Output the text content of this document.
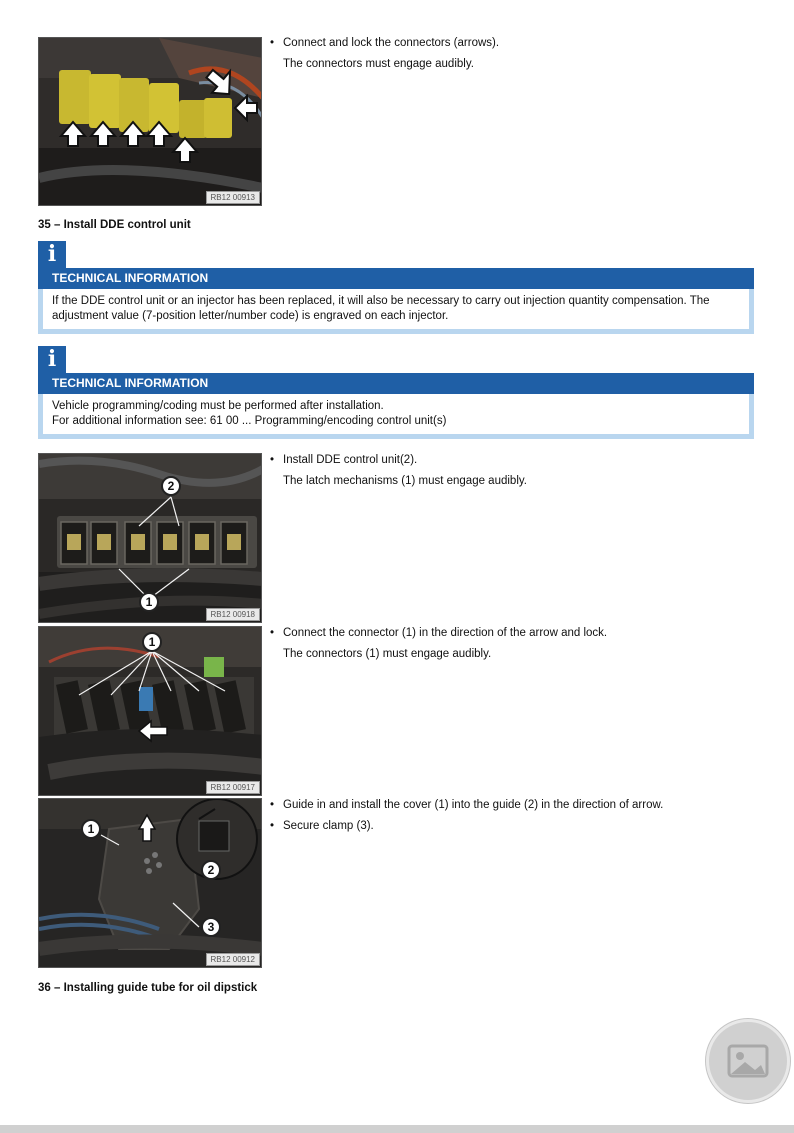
RB12 00913
• Connect and lock the connectors (arrows).
The connectors must engage audibly.
35 – Install DDE control unit
i
TECHNICAL INFORMATION
If the DDE control unit or an injector has been replaced, it will also be necessary to carry out injection quantity compensation. The adjustment value (7-position letter/number code) is engraved on each injector.
i
TECHNICAL INFORMATION
Vehicle programming/coding must be performed after installation.
For additional information see: 61 00 ... Programming/encoding control unit(s)
2
1
RB12 00918
• Install DDE control unit(2).
The latch mechanisms (1) must engage audibly.
1
RB12 00917
• Connect the connector (1) in the direction of the arrow and lock.
The connectors (1) must engage audibly.
1
2
3
RB12 00912
• Guide in and install the cover (1) into the guide (2) in the direction of arrow.
• Secure clamp (3).
36 – Installing guide tube for oil dipstick
